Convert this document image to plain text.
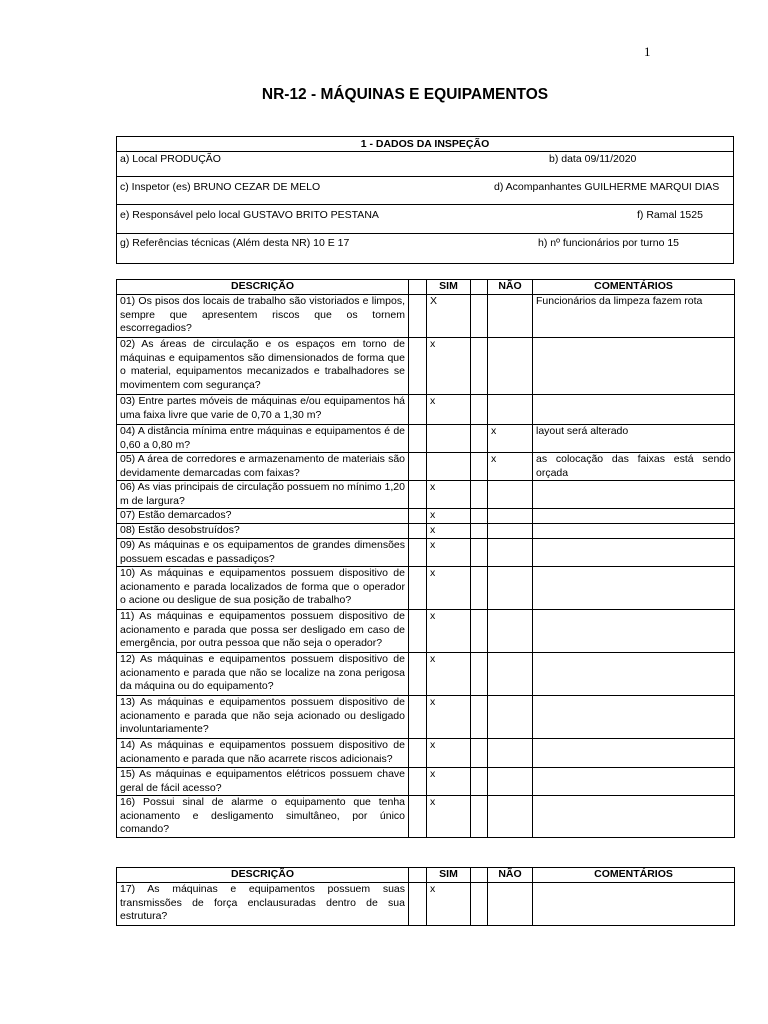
1
NR-12 - MÁQUINAS E EQUIPAMENTOS
1 - DADOS DA INSPEÇÃO
a) Local PRODUÇÃO	b) data 09/11/2020
c) Inspetor (es) BRUNO CEZAR DE MELO	d) Acompanhantes GUILHERME MARQUI DIAS
e) Responsável pelo local GUSTAVO BRITO PESTANA	f) Ramal 1525
g) Referências técnicas (Além desta NR) 10 E 17	h) nº funcionários por turno 15
DESCRIÇÃO		SIM		NÃO	COMENTÁRIOS
01) Os pisos dos locais de trabalho são vistoriados e limpos, sempre que apresentem riscos que os tornem escorregadios?		X			Funcionários da limpeza fazem rota
02) As áreas de circulação e os espaços em torno de máquinas e equipamentos são dimensionados de forma que o material, equipamentos mecanizados e trabalhadores se movimentem com segurança?		x			
03) Entre partes móveis de máquinas e/ou equipamentos há uma faixa livre que varie de 0,70 a 1,30 m?		x			
04) A distância mínima entre máquinas e equipamentos é de 0,60 a 0,80 m?				x	layout será alterado
05) A área de corredores e armazenamento de materiais são devidamente demarcadas com faixas?				x	as colocação das faixas está sendo orçada
06) As vias principais de circulação possuem no mínimo 1,20 m de largura?		x			
07) Estão demarcados?		x			
08) Estão desobstruídos?		x			
09) As máquinas e os equipamentos de grandes dimensões possuem escadas e passadiços?		x			
10) As máquinas e equipamentos possuem dispositivo de acionamento e parada localizados de forma que o operador o acione ou desligue de sua posição de trabalho?		x			
11) As máquinas e equipamentos possuem dispositivo de acionamento e parada que possa ser desligado em caso de emergência, por outra pessoa que não seja o operador?		x			
12) As máquinas e equipamentos possuem dispositivo de acionamento e parada que não se localize na zona perigosa da máquina ou do equipamento?		x			
13) As máquinas e equipamentos possuem dispositivo de acionamento e parada que não seja acionado ou desligado involuntariamente?		x			
14) As máquinas e equipamentos possuem dispositivo de acionamento e parada que não acarrete riscos adicionais?		x			
15) As máquinas e equipamentos elétricos possuem chave geral de fácil acesso?		x			
16) Possui sinal de alarme o equipamento que tenha acionamento e desligamento simultâneo, por único comando?		x			
DESCRIÇÃO		SIM		NÃO	COMENTÁRIOS
17) As máquinas e equipamentos possuem suas transmissões de força enclausuradas dentro de sua estrutura?		x			
